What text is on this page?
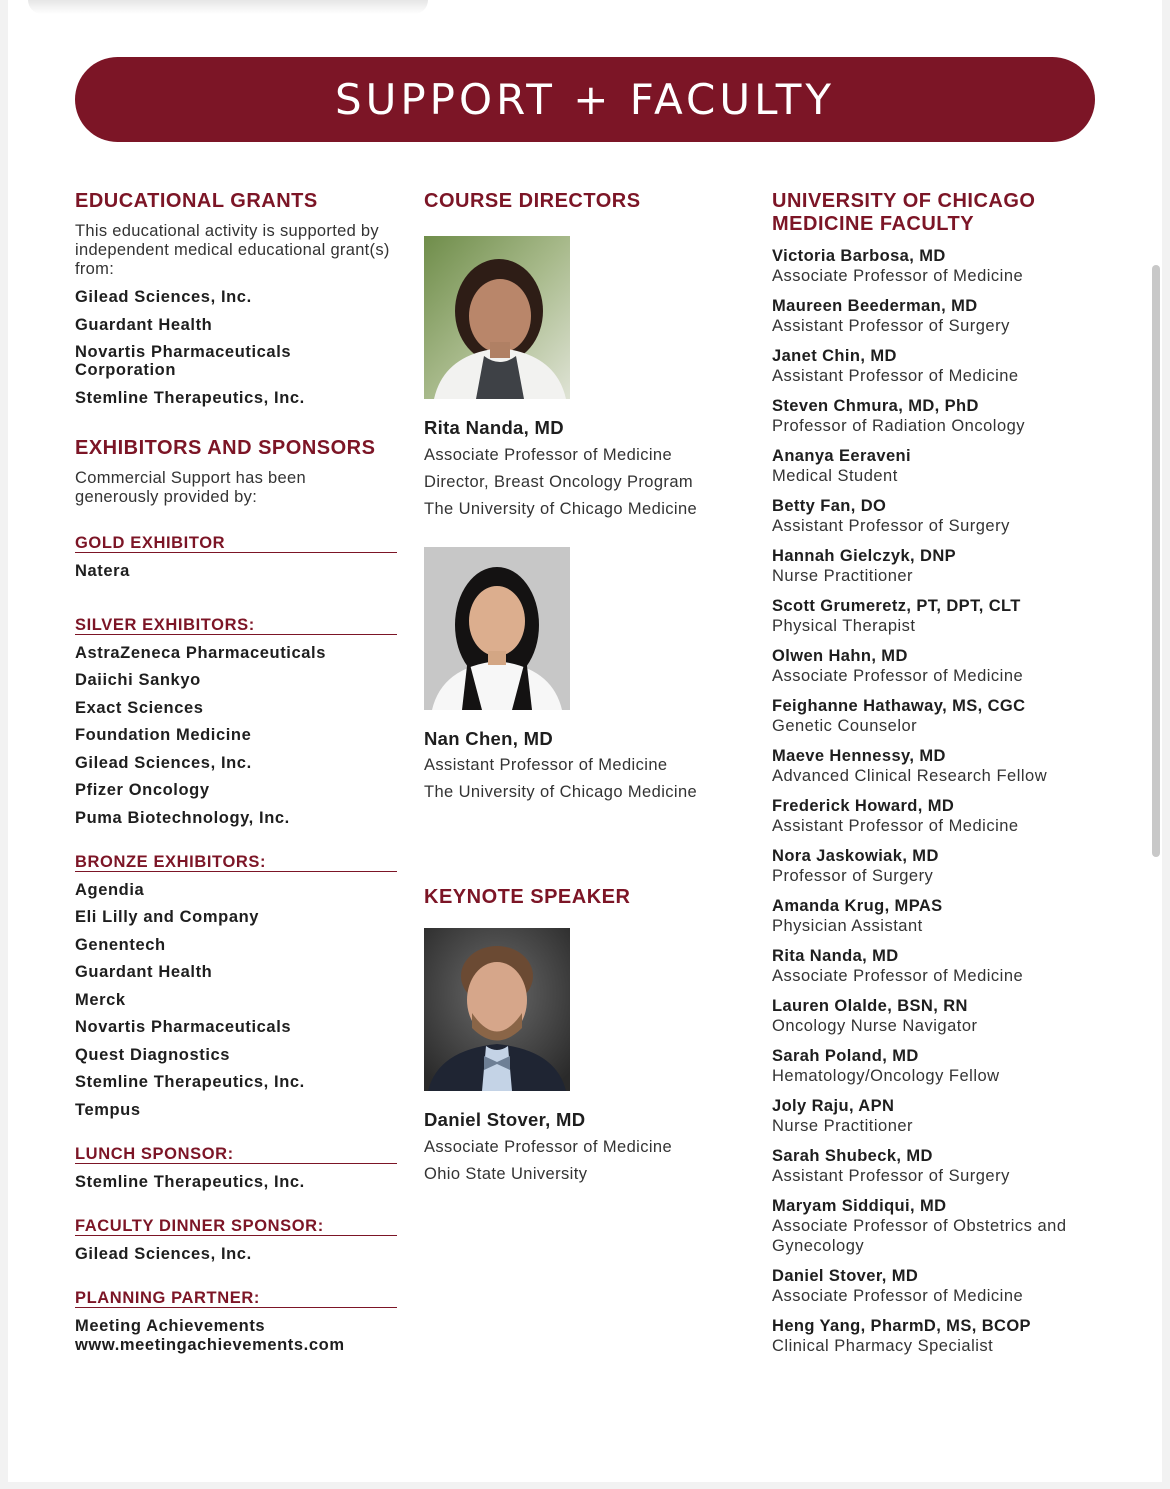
SUPPORT + FACULTY
EDUCATIONAL GRANTS
This educational activity is supported by independent medical educational grant(s) from:
Gilead Sciences, Inc.
Guardant Health
Novartis Pharmaceuticals Corporation
Stemline Therapeutics, Inc.
EXHIBITORS AND SPONSORS
Commercial Support has been generously provided by:
GOLD EXHIBITOR
Natera
SILVER EXHIBITORS:
AstraZeneca Pharmaceuticals
Daiichi Sankyo
Exact Sciences
Foundation Medicine
Gilead Sciences, Inc.
Pfizer Oncology
Puma Biotechnology, Inc.
BRONZE EXHIBITORS:
Agendia
Eli Lilly and Company
Genentech
Guardant Health
Merck
Novartis Pharmaceuticals
Quest Diagnostics
Stemline Therapeutics, Inc.
Tempus
LUNCH SPONSOR:
Stemline Therapeutics, Inc.
FACULTY DINNER SPONSOR:
Gilead Sciences, Inc.
PLANNING PARTNER:
Meeting Achievements
www.meetingachievements.com
COURSE DIRECTORS
Rita Nanda, MD
Associate Professor of Medicine
Director, Breast Oncology Program
The University of Chicago Medicine
Nan Chen, MD
Assistant Professor of Medicine
The University of Chicago Medicine
KEYNOTE SPEAKER
Daniel Stover, MD
Associate Professor of Medicine
Ohio State University
UNIVERSITY OF CHICAGO
MEDICINE FACULTY
Victoria Barbosa, MD
Associate Professor of Medicine
Maureen Beederman, MD
Assistant Professor of Surgery
Janet Chin, MD
Assistant Professor of Medicine
Steven Chmura, MD, PhD
Professor of Radiation Oncology
Ananya Eeraveni
Medical Student
Betty Fan, DO
Assistant Professor of Surgery
Hannah Gielczyk, DNP
Nurse Practitioner
Scott Grumeretz, PT, DPT, CLT
Physical Therapist
Olwen Hahn, MD
Associate Professor of Medicine
Feighanne Hathaway, MS, CGC
Genetic Counselor
Maeve Hennessy, MD
Advanced Clinical Research Fellow
Frederick Howard, MD
Assistant Professor of Medicine
Nora Jaskowiak, MD
Professor of Surgery
Amanda Krug, MPAS
Physician Assistant
Rita Nanda, MD
Associate Professor of Medicine
Lauren Olalde, BSN, RN
Oncology Nurse Navigator
Sarah Poland, MD
Hematology/Oncology Fellow
Joly Raju, APN
Nurse Practitioner
Sarah Shubeck, MD
Assistant Professor of Surgery
Maryam Siddiqui, MD
Associate Professor of Obstetrics and Gynecology
Daniel Stover, MD
Associate Professor of Medicine
Heng Yang, PharmD, MS, BCOP
Clinical Pharmacy Specialist
